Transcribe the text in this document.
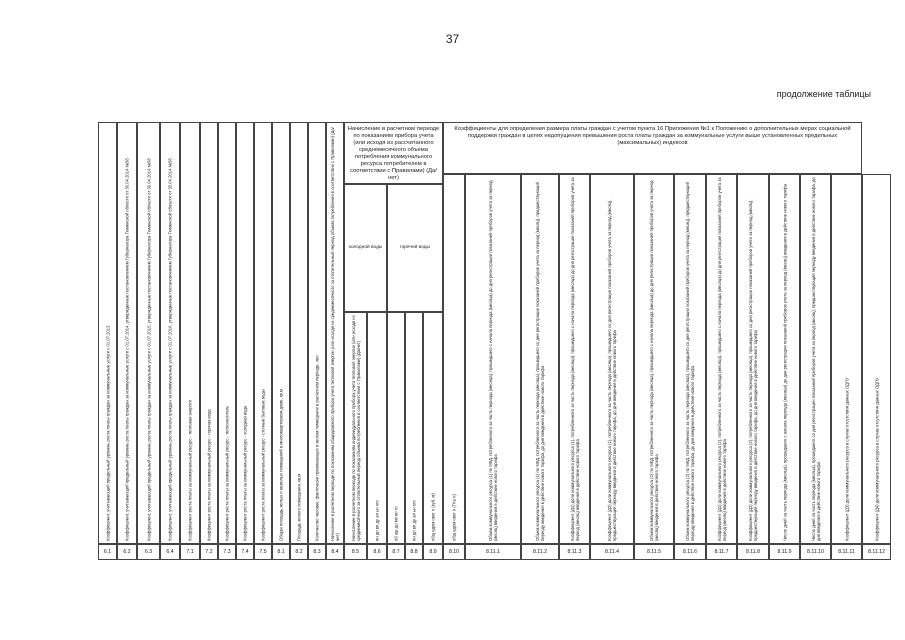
37
продолжение таблицы
Начисление в расчетном периоде по показаниям прибора учета (или исходя из рассчитанного среднемесячного объема потребления коммунального ресурса потребителем в соответствии с Правилами) (Да/нет)
Коэффициенты для определения размера платы граждан с учетом пункта 16 Приложения №1 к Положению о дополнительных мерах социальной поддержки граждан в целях недопущения превышения роста платы граждан за коммунальные услуги выше установленных предельных (максимальных) индексов
холодной воды	горячей воды
Коэффициент, учитывающий предельный уровень роста платы граждан за коммунальные услуги с 01.07.2013
6.1
Коэффициент, учитывающий предельный уровень роста платы граждан за коммунальные услуги с 01.07.2014, утвержденные постановлением Губернатора Тюменской области от 30.04.2014 №58
6.2
Коэффициент, учитывающий предельный уровень роста платы граждан за коммунальные услуги с 01.07.2015, утвержденные постановлением Губернатора Тюменской области от 30.04.2014 №58
6.3
Коэффициент, учитывающий предельный уровень роста платы граждан за коммунальные услуги с 01.07.2016, утвержденные постановлением Губернатора Тюменской области от 30.04.2014 №58
6.4
Коэффициент роста платы за коммунальный ресурс - тепловая энергия
7.1
Коэффициент роста платы за коммунальный ресурс - горячая вода
7.2
Коэффициент роста платы за коммунальный ресурс - теплоноситель
7.3
Коэффициент роста платы за коммунальный ресурс - холодная вода
7.4
Коэффициент роста платы за коммунальный ресурс - сточные бытовые воды
7.5
Общая площадь жилых и нежилых помещений в многоквартирном доме, кв.м
8.1
Площадь жилого помещения, кв.м
8.2
Количество человек, фактически проживающих в жилом помещении в расчетном периоде, чел
8.3
Начисление в расчетном периоде по показаниям общедомового прибора учета тепловой энергии (или исходя из среднемесячного за отопительный период объема потребления в соответствии с Правилами) (Да/нет)
8.4
Начисление в расчетном периоде по показаниям индивидуального прибора учета тепловой энергии (или исходя из среднемесячного за отопительный период объема потребления в соответствии с Правилами) (Да/нет)
8.5
ин ди ви ду ал ьн ого
8.6
об ще до мо во го
8.7
ин ди ви ду ал ьн ого
8.8
общ едом овог о (куб. м)
8.9
общ едом овог о (ГКа л)
8.10
Объем коммунального ресурса (1) по МКД, потребленного за часть периода (месяца), прошедшего с начала периода (месяца) до дня регистрации показаний приборов учета за период (месяц) введения в действие нового тарифа
8.11.1
Объем коммунального ресурса (1) по МКД, потребленного за часть периода (месяца), прошедшего со дня регистрации показаний приборов учета за период (месяц), предшествующий периоду введения в действие нового тарифа, до дня введения в действие нового тарифа
8.11.2
Коэффициент (Д1) доли коммунального ресурса (1), потребленного за часть периода (месяца), прошедшего с начала периода (месяца) до дня регистрации показаний приборов учета за период (месяц) введения в действие нового тарифа
8.11.3
Коэффициент (Д2) доли коммунального ресурса (1), потребленного за часть периода (месяца), прошедшего со дня регистрации показаний приборов учета за период (месяц), предшествующий периоду введения в действие нового тарифа, до дня введения в действие нового тарифа
8.11.4
Объем коммунального ресурса (2) по МКД, потребленного за часть периода (месяца), прошедшего с начала периода (месяца) до дня регистрации показаний приборов учета за период (месяц) введения в действие нового тарифа
8.11.5
Объем коммунального ресурса (2) по МКД, потребленного за часть периода (месяца), прошедшего со дня регистрации показаний приборов учета за период (месяц), предшествующий периоду введения в действие нового тарифа, до дня введения в действие нового тарифа
8.11.6
Коэффициент (Д1) доли коммунального ресурса (2), потребленного за часть периода (месяца), прошедшего с начала периода (месяца) до дня регистрации показаний приборов учета за период (месяц) введения в действие нового тарифа
8.11.7
Коэффициент (Д2) доли коммунального ресурса (2), потребленного за часть периода (месяца), прошедшего со дня регистрации показаний приборов учета за период (месяц), предшествующий периоду введения в действие нового тарифа, до дня введения в действие нового тарифа
8.11.8
Число дней за часть периода (месяца), прошедшего с начала периода (месяца) до дня регистрации показаний приборов учета за период (месяц) введения в действие нового тарифа
8.11.9
Число дней за часть периода (месяца), прошедшего со дня регистрации показаний приборов учета за период (месяц), предшествующий периоду введения в действие нового тарифа, до дня введения в действие нового тарифа
8.11.10
Коэффициент (Д3) доли коммунального ресурса в случае отсутствия данных ОДПУ
8.11.11
Коэффициент (Д4) доли коммунального ресурса в случае отсутствия данных ОДПУ
8.11.12
